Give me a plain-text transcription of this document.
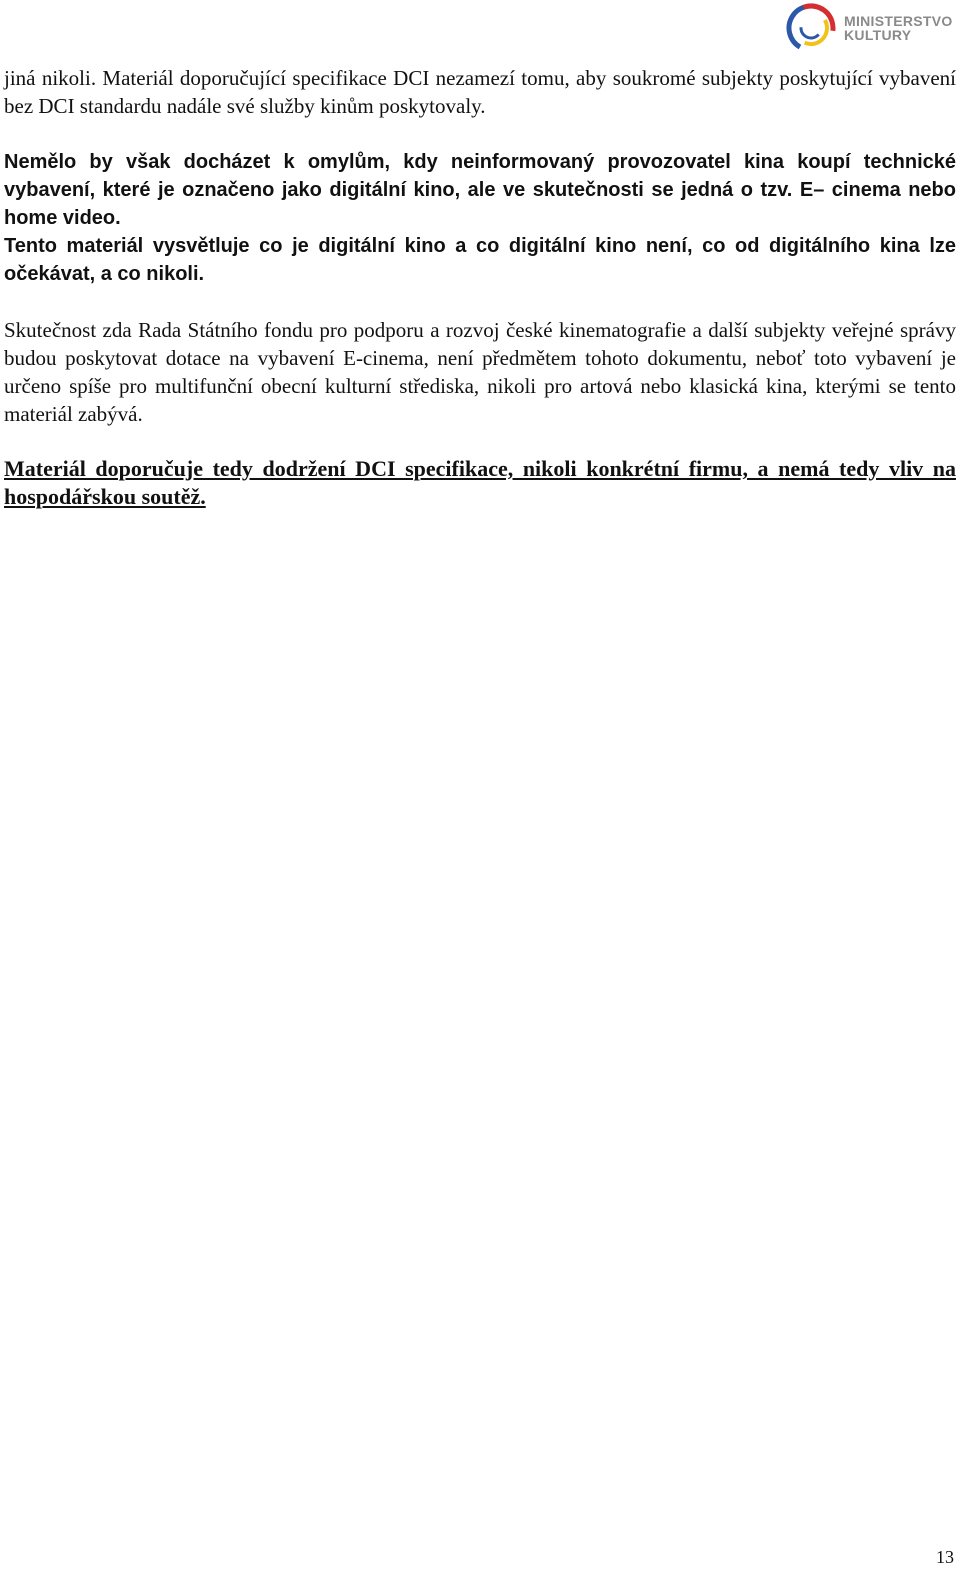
MINISTERSTVO
KULTURY

jiná nikoli. Materiál doporučující specifikace DCI nezamezí tomu, aby soukromé subjekty poskytující vybavení bez DCI standardu nadále své služby kinům poskytovaly.

Nemělo by však docházet k omylům, kdy neinformovaný provozovatel kina koupí technické vybavení, které je označeno jako digitální kino, ale ve skutečnosti se jedná o tzv. E– cinema nebo home video.

Tento materiál vysvětluje co je digitální kino a co digitální kino není, co od digitálního kina lze očekávat, a co nikoli.

Skutečnost zda Rada Státního fondu pro podporu a rozvoj české kinematografie a další subjekty veřejné správy budou poskytovat dotace na vybavení E-cinema, není předmětem tohoto dokumentu, neboť toto vybavení je určeno spíše pro multifunční obecní kulturní střediska, nikoli pro artová nebo klasická kina, kterými se tento materiál zabývá.

Materiál doporučuje tedy dodržení DCI specifikace, nikoli konkrétní firmu, a nemá tedy vliv na hospodářskou soutěž.

13
